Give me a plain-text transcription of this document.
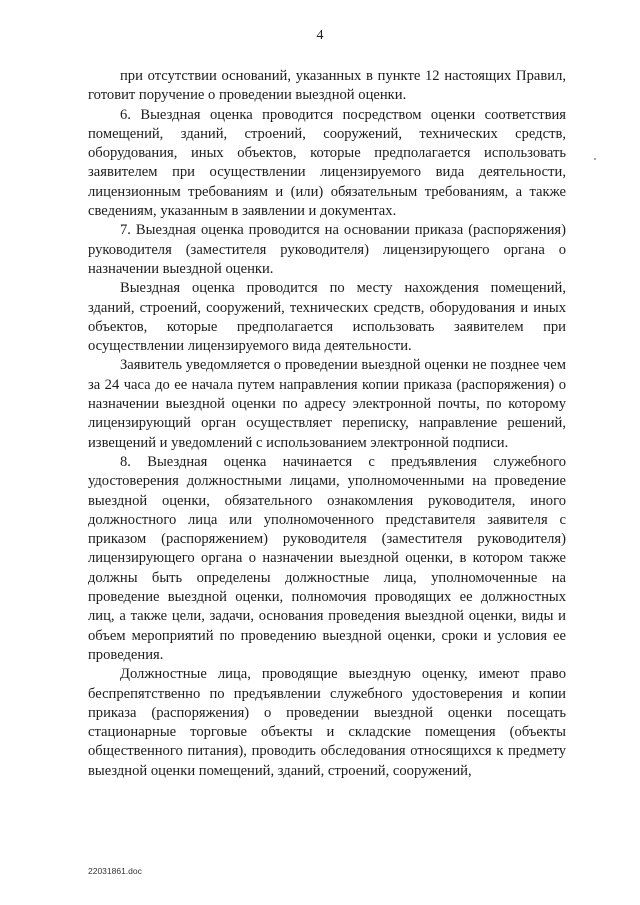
4

при отсутствии оснований, указанных в пункте 12 настоящих Правил, готовит поручение о проведении выездной оценки.

6. Выездная оценка проводится посредством оценки соответствия помещений, зданий, строений, сооружений, технических средств, оборудования, иных объектов, которые предполагается использовать заявителем при осуществлении лицензируемого вида деятельности, лицензионным требованиям и (или) обязательным требованиям, а также сведениям, указанным в заявлении и документах.

7. Выездная оценка проводится на основании приказа (распоряжения) руководителя (заместителя руководителя) лицензирующего органа о назначении выездной оценки.

Выездная оценка проводится по месту нахождения помещений, зданий, строений, сооружений, технических средств, оборудования и иных объектов, которые предполагается использовать заявителем при осуществлении лицензируемого вида деятельности.

Заявитель уведомляется о проведении выездной оценки не позднее чем за 24 часа до ее начала путем направления копии приказа (распоряжения) о назначении выездной оценки по адресу электронной почты, по которому лицензирующий орган осуществляет переписку, направление решений, извещений и уведомлений с использованием электронной подписи.

8. Выездная оценка начинается с предъявления служебного удостоверения должностными лицами, уполномоченными на проведение выездной оценки, обязательного ознакомления руководителя, иного должностного лица или уполномоченного представителя заявителя с приказом (распоряжением) руководителя (заместителя руководителя) лицензирующего органа о назначении выездной оценки, в котором также должны быть определены должностные лица, уполномоченные на проведение выездной оценки, полномочия проводящих ее должностных лиц, а также цели, задачи, основания проведения выездной оценки, виды и объем мероприятий по проведению выездной оценки, сроки и условия ее проведения.

Должностные лица, проводящие выездную оценку, имеют право беспрепятственно по предъявлении служебного удостоверения и копии приказа (распоряжения) о проведении выездной оценки посещать стационарные торговые объекты и складские помещения (объекты общественного питания), проводить обследования относящихся к предмету выездной оценки помещений, зданий, строений, сооружений,

22031861.doc
